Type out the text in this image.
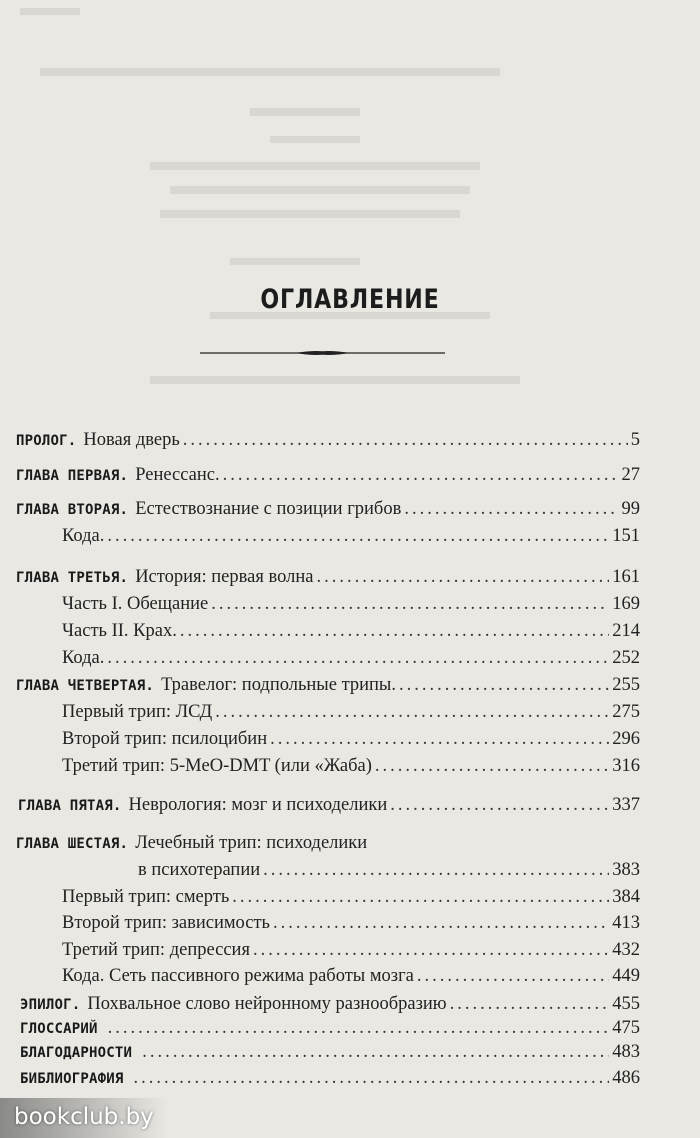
ОГЛАВЛЕНИЕ
ПРОЛОГ. Новая дверь .....	5
ГЛАВА ПЕРВАЯ. Ренессанс. .....	27
ГЛАВА ВТОРАЯ. Естествознание с позиции грибов .....	99
Кода. .....	151
ГЛАВА ТРЕТЬЯ. История: первая волна .....	161
Часть I. Обещание .....	169
Часть II. Крах. .....	214
Кода. .....	252
ГЛАВА ЧЕТВЕРТАЯ. Травелог: подпольные трипы. .....	255
Первый трип: ЛСД .....	275
Второй трип: псилоцибин .....	296
Третий трип: 5-MeO-DMT (или «Жаба) .....	316
ГЛАВА ПЯТАЯ. Неврология: мозг и психоделики .....	337
ГЛАВА ШЕСТАЯ. Лечебный трип: психоделики
в психотерапии .....	383
Первый трип: смерть .....	384
Второй трип: зависимость .....	413
Третий трип: депрессия .....	432
Кода. Сеть пассивного режима работы мозга .....	449
ЭПИЛОГ. Похвальное слово нейронному разнообразию .....	455
ГЛОССАРИЙ .....	475
БЛАГОДАРНОСТИ .....	483
БИБЛИОГРАФИЯ .....	486
bookclub.by
